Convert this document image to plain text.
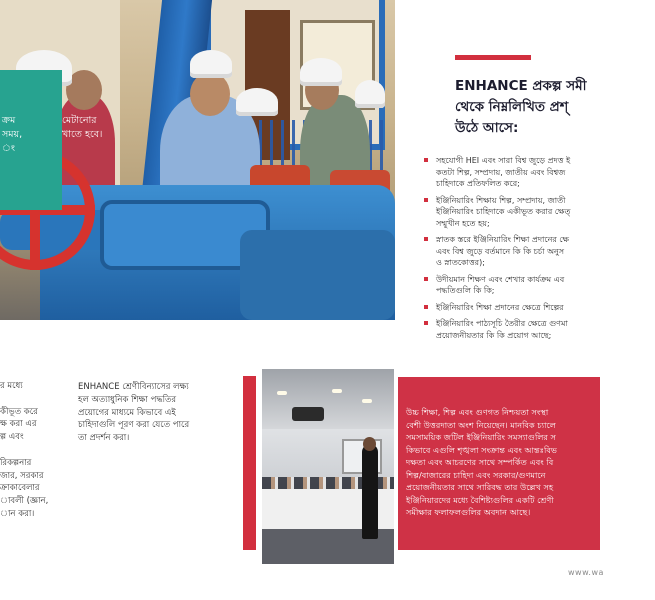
ক্রম
সময়,
ং
মেটানোর
খাতে হবে।
ENHANCE প্রকল্প সমী
থেকে নিম্নলিখিত প্রশ্
উঠে আসে:
সহযোগী HEI এবং সারা বিশ্ব জুড়ে প্রদত্ত ই
কতটা শিল্প, সম্প্রদায়, জাতীয় এবং বিশ্বজ
চাহিদাকে প্রতিফলিত করে;
ইঞ্জিনিয়ারিং শিক্ষায় শিল্প, সম্প্রদায়, জাতী
ইঞ্জিনিয়ারিং চাহিদাকে একীভূত করার ক্ষেত্
সম্মুখীন হতে হয়;
স্নাতক স্তরে ইঞ্জিনিয়ারিং শিক্ষা প্রদানের ক্ষে
এবং বিশ্ব জুড়ে বর্তমানে কি কি চর্চা অনুস
ও স্নাতকোত্তর);
উদীয়মান শিক্ষণ এবং শেখার কার্যক্রম এব
পদ্ধতিগুলি কি কি;
ইঞ্জিনিয়ারিং শিক্ষা প্রদানের ক্ষেত্রে শিল্পের
ইঞ্জিনিয়ারিং পাঠ্যসূচি তৈরীর ক্ষেত্রে গুণমা
প্রয়োজনীয়তার কি কি প্রয়োগ আছে;
র মধ্যে

কীভূত করে
ক্ষ করা এর
ল্প এবং

রিকল্পনার
জার, সরকার
ক্রাকাবেলার
াবলী (জ্ঞান,
ান করা।
ENHANCE শ্রেণীবিন্যাসের লক্ষ্য
হল অত্যাধুনিক শিক্ষা পদ্ধতির
প্রয়োগের মাধ্যমে কিভাবে এই
চাহিদাগুলি পূরণ করা যেতে পারে
তা প্রদর্শন করা।
উচ্চ শিক্ষা, শিল্প এবং গুণগত নিশ্চয়তা সংস্থা
বেশী উত্তরদাতা অংশ নিয়েছেন। মানবিক চ্যালে
সমসাময়িক জটিল ইঞ্জিনিয়ারিং সমস্যাগুলির স
কিভাবে এগুলি শৃঙ্খলা সংক্রান্ত এবং আন্তঃবিভ
দক্ষতা এবং আচরণের সাথে সম্পর্কিত এবং বি
শিল্প/বাজারের চাহিদা এবং সরকার/গুণমানে
প্রয়োজনীয়তার সাথে সারিবদ্ধ তার উল্লেখ সহ
ইঞ্জিনিয়ারদের মধ্যে বৈশিষ্ট্যগুলির একটি শ্রেণী
সমীক্ষার ফলাফলগুলির অবদান আছে।
www.wa
